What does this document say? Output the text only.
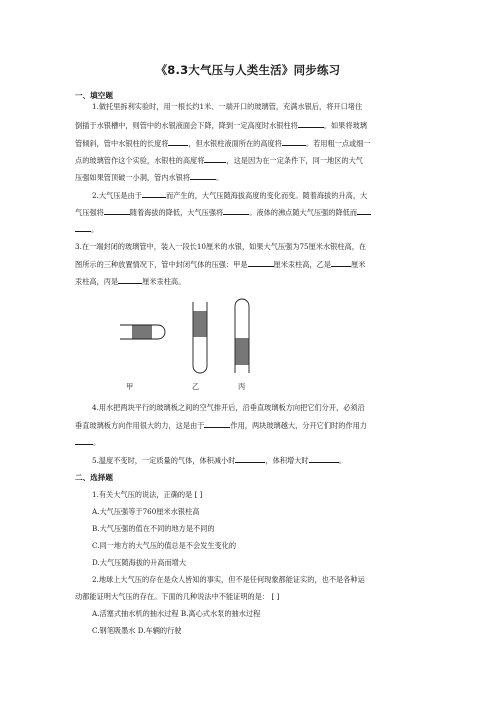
《8.3大气压与人类生活》同步练习
一、填空题
1.做托里拆利实验时，用一根长约1米、一端开口的玻璃管，充满水银后，将开口堵住
倒插于水银槽中，则管中的水银液面会下降，降到一定高度时水银柱将	。如果将玻璃
管倾斜，管中水银柱的长度将	，但水银柱液面所在的高度将	。若用粗一点或细一
点的玻璃管作这个实验，水银柱的高度将	，这是因为在一定条件下，同一地区的大气
压强如果管顶破一小洞，管内水银将	。
2.大气压是由于	而产生的，大气压随海拔高度的变化而变。随着海拔的升高，大
气压强将	随着海拔的降低，大气压强将	。液体的沸点随大气压强的降低而
。
3.在一端封闭的玻璃管中，装入一段长10厘米的水银，如果大气压强为75厘米水银柱高，在
图所示的三种放置情况下，管中封闭气体的压强：甲是	厘米汞柱高，乙是	厘米
汞柱高，丙是	厘米汞柱高。
甲	乙	丙
4.用水把两块平行的玻璃板之间的空气排开后，沿垂直玻璃板方向把它们分开，必须沿
垂直玻璃板方向作用很大的力，这是由于	作用，两块玻璃越大，分开它们时的作用力
。
5.温度不变时，一定质量的气体，体积减小时	，体积增大时	。
二、选择题
1.有关大气压的说法，正确的是 [ ]
A.大气压强等于760厘米水银柱高
B.大气压强的值在不同的地方是不同的
C.同一地方的大气压的值总是不会发生变化的
D.大气压随海拔的升高而增大
2.地球上大气压的存在是众人皆知的事实，但不是任何现象都能证实的，也不是各种运
动都能证明大气压的存在。下面的几种说法中不能证明的是： [ ]
A.活塞式抽水机的抽水过程 B.离心式水泵的抽水过程
C.钢笔吸墨水 D.车辆的行驶
